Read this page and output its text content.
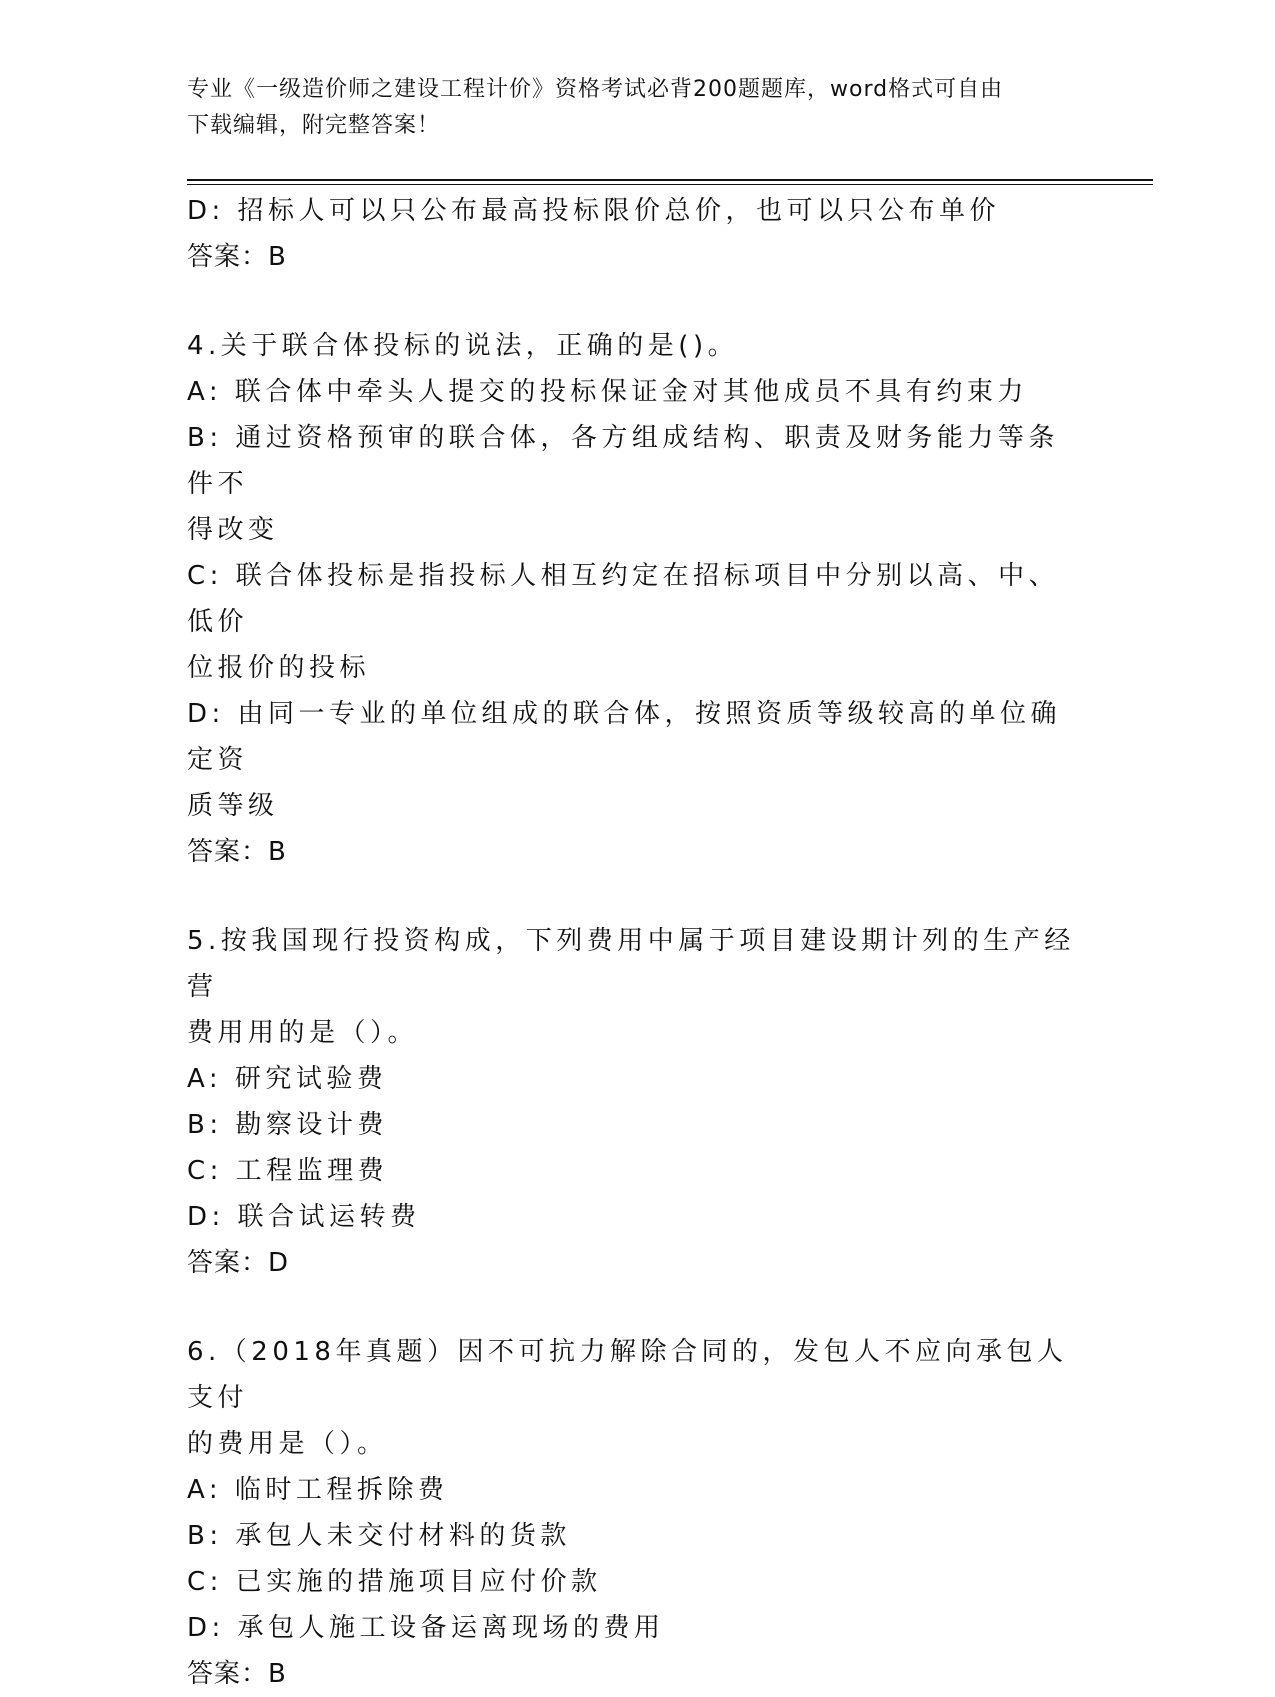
专业《一级造价师之建设工程计价》资格考试必背200题题库，word格式可自由
下载编辑，附完整答案！

D: 招标人可以只公布最高投标限价总价，也可以只公布单价

答案：B

4.关于联合体投标的说法，正确的是()。

A: 联合体中牵头人提交的投标保证金对其他成员不具有约束力

B: 通过资格预审的联合体，各方组成结构、职责及财务能力等条件不

得改变

C: 联合体投标是指投标人相互约定在招标项目中分别以高、中、低价

位报价的投标

D: 由同一专业的单位组成的联合体，按照资质等级较高的单位确定资

质等级

答案：B

5.按我国现行投资构成，下列费用中属于项目建设期计列的生产经营

费用用的是（）。

A: 研究试验费

B: 勘察设计费

C: 工程监理费

D: 联合试运转费

答案：D

6.（2018年真题）因不可抗力解除合同的，发包人不应向承包人支付

的费用是（）。

A: 临时工程拆除费

B: 承包人未交付材料的货款

C: 已实施的措施项目应付价款

D: 承包人施工设备运离现场的费用

答案：B
